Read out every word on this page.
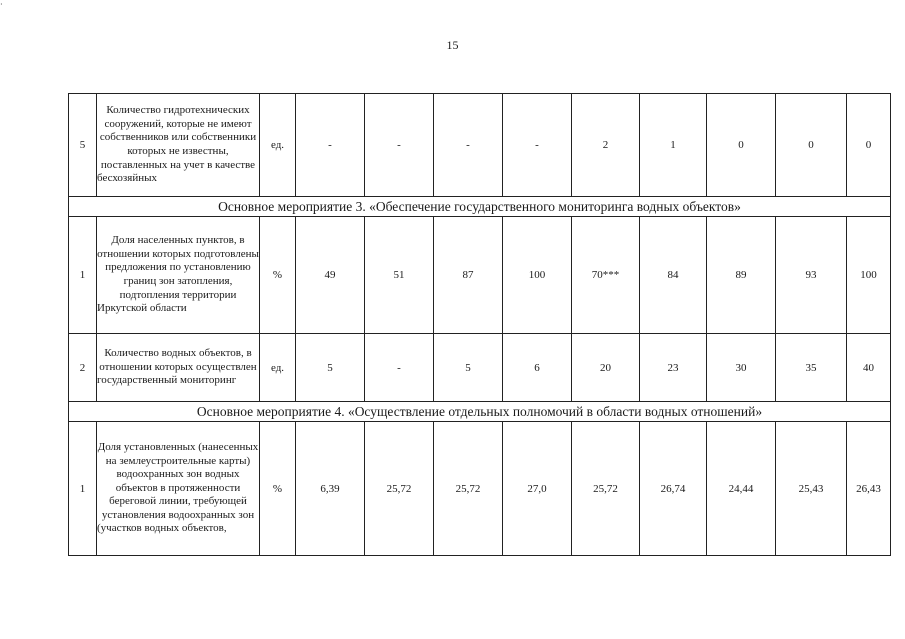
·
15
5	Количество гидротехнических сооружений, которые не имеют собственников или собственники которых не известны, поставленных на учет в качестве бесхозяйных	ед.	-	-	-	-	2	1	0	0	0
Основное мероприятие 3. «Обеспечение государственного мониторинга водных объектов»											
1	Доля населенных пунктов, в отношении которых подготовлены предложения по установлению границ зон затопления, подтопления территории Иркутской области	%	49	51	87	100	70***	84	89	93	100
2	Количество водных объектов, в отношении которых осуществлен государственный мониторинг	ед.	5	-	5	6	20	23	30	35	40
Основное мероприятие 4. «Осуществление отдельных полномочий в области водных отношений»											
1	Доля установленных (нанесенных на землеустроительные карты) водоохранных зон водных объектов в протяженности береговой линии, требующей установления водоохранных зон (участков водных объектов,	%	6,39	25,72	25,72	27,0	25,72	26,74	24,44	25,43	26,43
